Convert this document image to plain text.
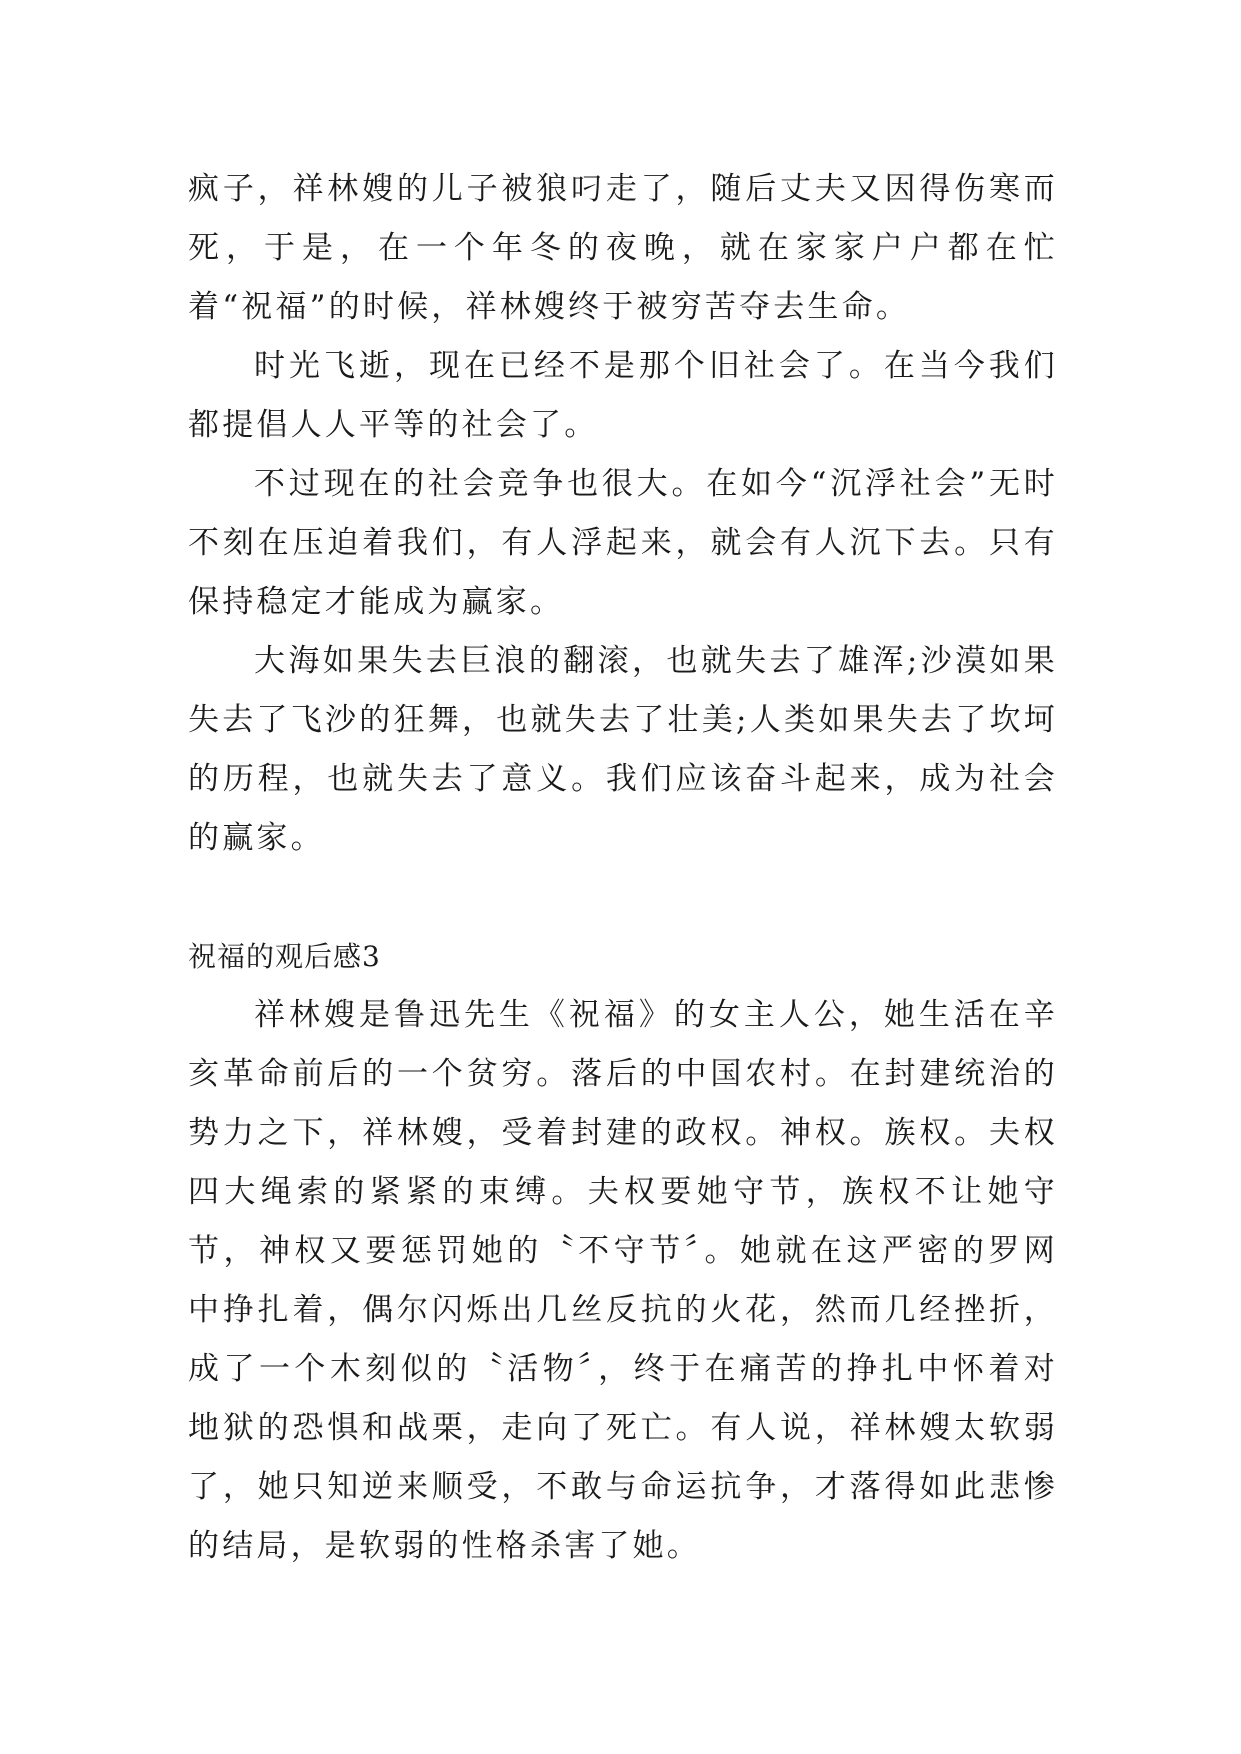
疯子，祥林嫂的儿子被狼叼走了，随后丈夫又因得伤寒而死，于是，在一个年冬的夜晚，就在家家户户都在忙着“祝福”的时候，祥林嫂终于被穷苦夺去生命。

时光飞逝，现在已经不是那个旧社会了。在当今我们都提倡人人平等的社会了。

不过现在的社会竞争也很大。在如今“沉浮社会”无时不刻在压迫着我们，有人浮起来，就会有人沉下去。只有保持稳定才能成为赢家。

大海如果失去巨浪的翻滚，也就失去了雄浑;沙漠如果失去了飞沙的狂舞，也就失去了壮美;人类如果失去了坎坷的历程，也就失去了意义。我们应该奋斗起来，成为社会的赢家。

祝福的观后感3

祥林嫂是鲁迅先生《祝福》的女主人公，她生活在辛亥革命前后的一个贫穷。落后的中国农村。在封建统治的势力之下，祥林嫂，受着封建的政权。神权。族权。夫权四大绳索的紧紧的束缚。夫权要她守节，族权不让她守节，神权又要惩罚她的〝不守节〞。她就在这严密的罗网中挣扎着，偶尔闪烁出几丝反抗的火花，然而几经挫折，成了一个木刻似的〝活物〞，终于在痛苦的挣扎中怀着对地狱的恐惧和战栗，走向了死亡。有人说，祥林嫂太软弱了，她只知逆来顺受，不敢与命运抗争，才落得如此悲惨的结局，是软弱的性格杀害了她。
